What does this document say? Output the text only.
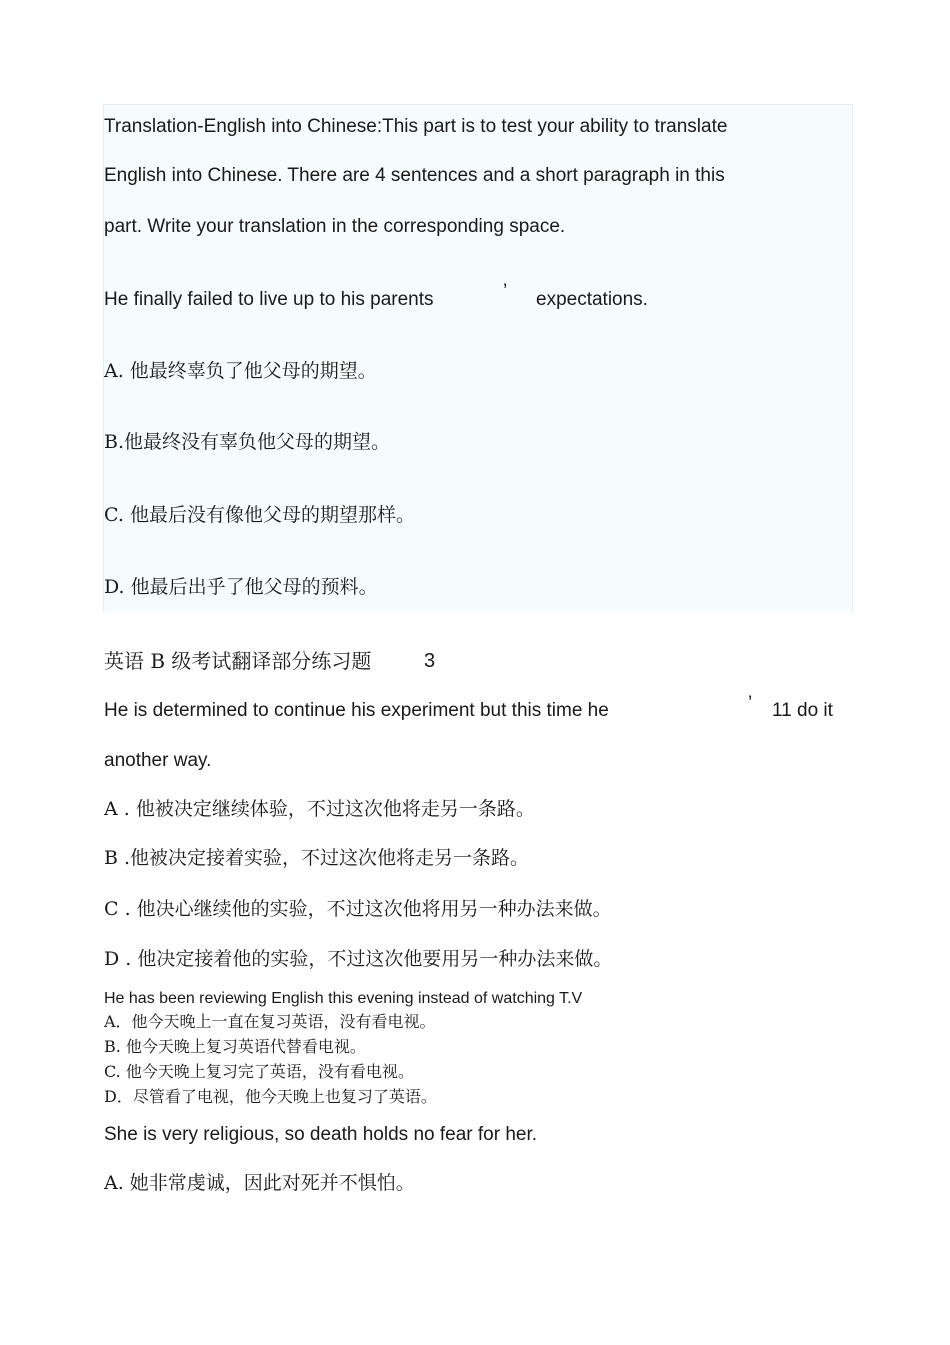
Translation-English into Chinese:This part is to test your ability to translate
English into Chinese. There are 4 sentences and a short paragraph in this
part. Write your translation in the corresponding space.
He finally failed to live up to his parents	’ expectations.
A. 他最终辜负了他父母的期望。
B.他最终没有辜负他父母的期望。
C. 他最后没有像他父母的期望那样。
D. 他最后出乎了他父母的预料。
英语 B 级考试翻译部分练习题	3
He is determined to continue his experiment but this time he	’ 11 do it
another way.
A . 他被决定继续体验，不过这次他将走另一条路。
B .他被决定接着实验，不过这次他将走另一条路。
C . 他决心继续他的实验，不过这次他将用另一种办法来做。
D . 他决定接着他的实验，不过这次他要用另一种办法来做。
He has been reviewing English this evening instead of watching T.V
A．他今天晚上一直在复习英语，没有看电视。
B. 他今天晚上复习英语代替看电视。
C. 他今天晚上复习完了英语，没有看电视。
D．尽管看了电视，他今天晚上也复习了英语。
She is very religious, so death holds no fear for her.
A. 她非常虔诚，因此对死并不惧怕。
